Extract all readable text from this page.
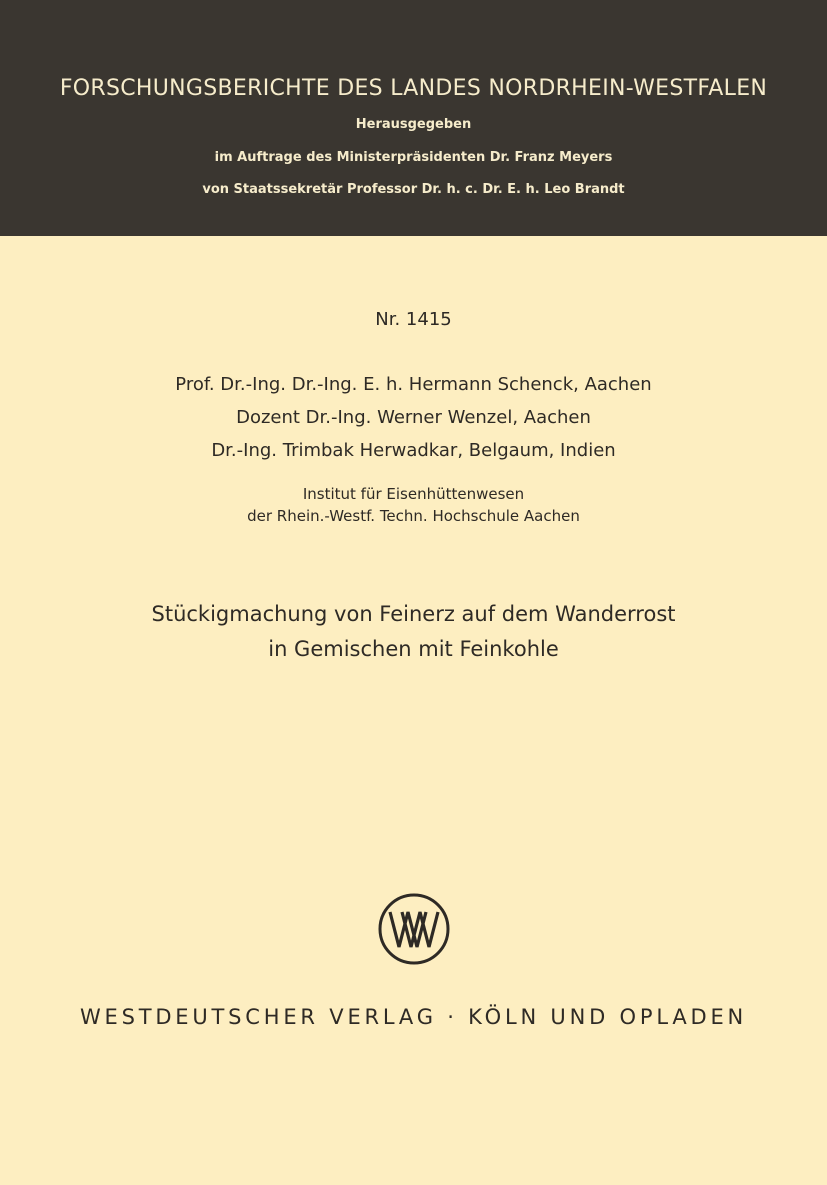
FORSCHUNGSBERICHTE DES LANDES NORDRHEIN-WESTFALEN
Herausgegeben
im Auftrage des Ministerpräsidenten Dr. Franz Meyers
von Staatssekretär Professor Dr. h. c. Dr. E. h. Leo Brandt
Nr. 1415
Prof. Dr.-Ing. Dr.-Ing. E. h. Hermann Schenck, Aachen
Dozent Dr.-Ing. Werner Wenzel, Aachen
Dr.-Ing. Trimbak Herwadkar, Belgaum, Indien
Institut für Eisenhüttenwesen
der Rhein.-Westf. Techn. Hochschule Aachen
Stückigmachung von Feinerz auf dem Wanderrost
in Gemischen mit Feinkohle
WESTDEUTSCHER VERLAG · KÖLN UND OPLADEN
